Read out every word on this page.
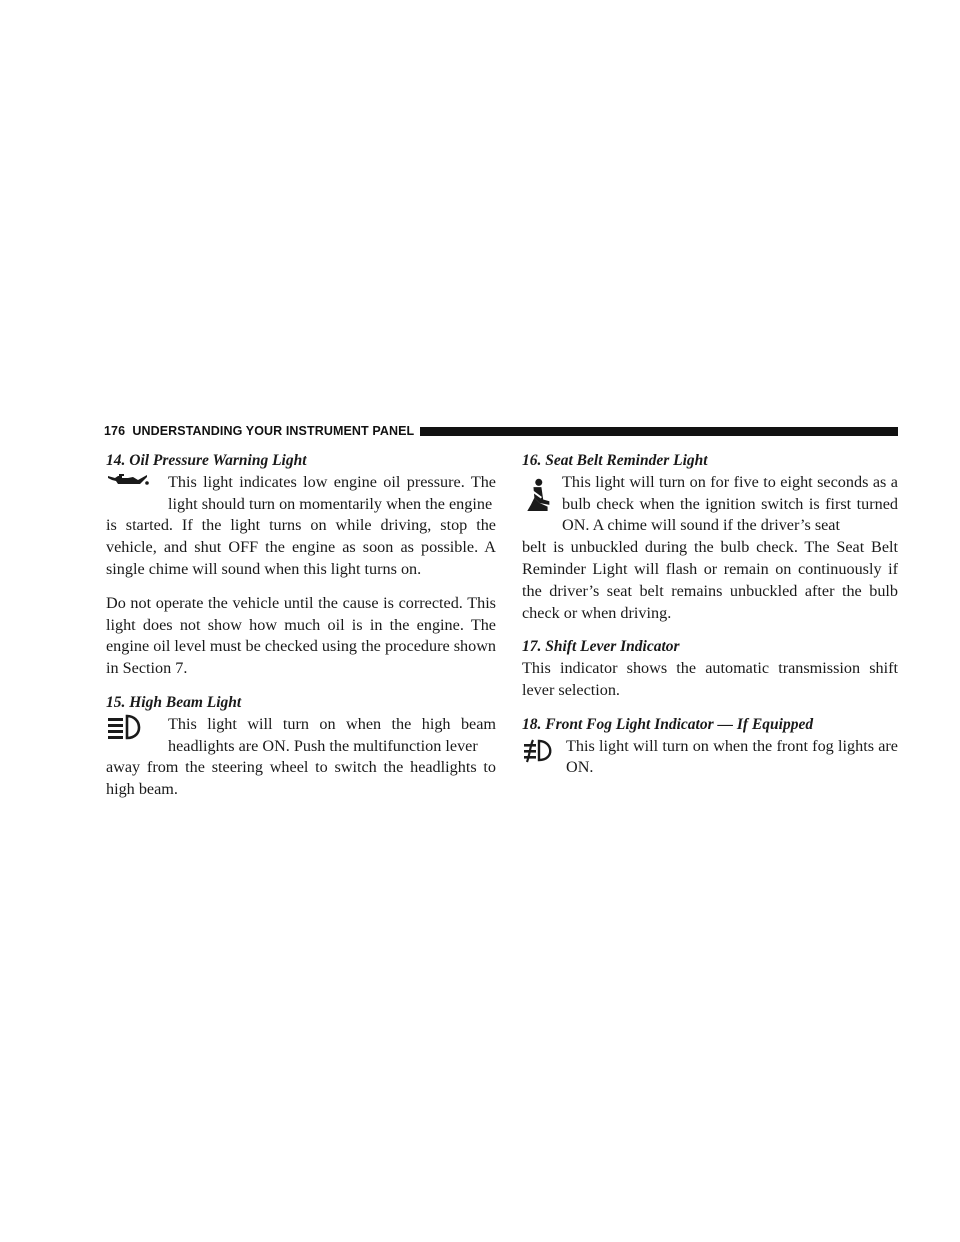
176 UNDERSTANDING YOUR INSTRUMENT PANEL
14. Oil Pressure Warning Light
This light indicates low engine oil pressure. The light should turn on momentarily when the engine

is started. If the light turns on while driving, stop the vehicle, and shut OFF the engine as soon as possible. A single chime will sound when this light turns on.

Do not operate the vehicle until the cause is corrected. This light does not show how much oil is in the engine. The engine oil level must be checked using the procedure shown in Section 7.

15. High Beam Light
This light will turn on when the high beam headlights are ON. Push the multifunction lever

away from the steering wheel to switch the headlights to high beam.

16. Seat Belt Reminder Light
This light will turn on for five to eight seconds as a bulb check when the ignition switch is first turned ON. A chime will sound if the driver’s seat

belt is unbuckled during the bulb check. The Seat Belt Reminder Light will flash or remain on continuously if the driver’s seat belt remains unbuckled after the bulb check or when driving.

17. Shift Lever Indicator

This indicator shows the automatic transmission shift lever selection.

18. Front Fog Light Indicator — If Equipped
This light will turn on when the front fog lights are ON.
